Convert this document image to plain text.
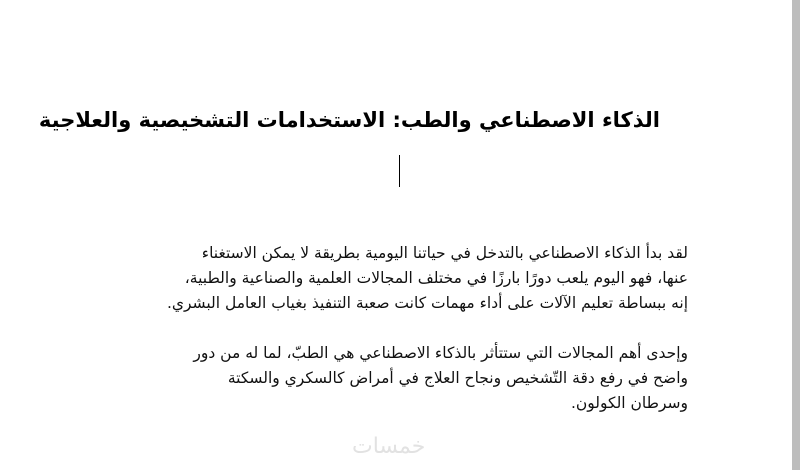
الذكاء الاصطناعي والطب: الاستخدامات التشخيصية والعلاجية
لقد بدأ الذكاء الاصطناعي بالتدخل في حياتنا اليومية بطريقة لا يمكن الاستغناء
عنها، فهو اليوم يلعب دورًا بارزًا في مختلف المجالات العلمية والصناعية والطبية،
إنه ببساطة تعليم الآلات على أداء مهمات كانت صعبة التنفيذ بغياب العامل البشري.
وإحدى أهم المجالات التي ستتأثر بالذكاء الاصطناعي هي الطبّ، لما له من دور
واضح في رفع دقة التّشخيص ونجاح العلاج في أمراض كالسكري والسكتة
وسرطان الكولون.
خمسات
